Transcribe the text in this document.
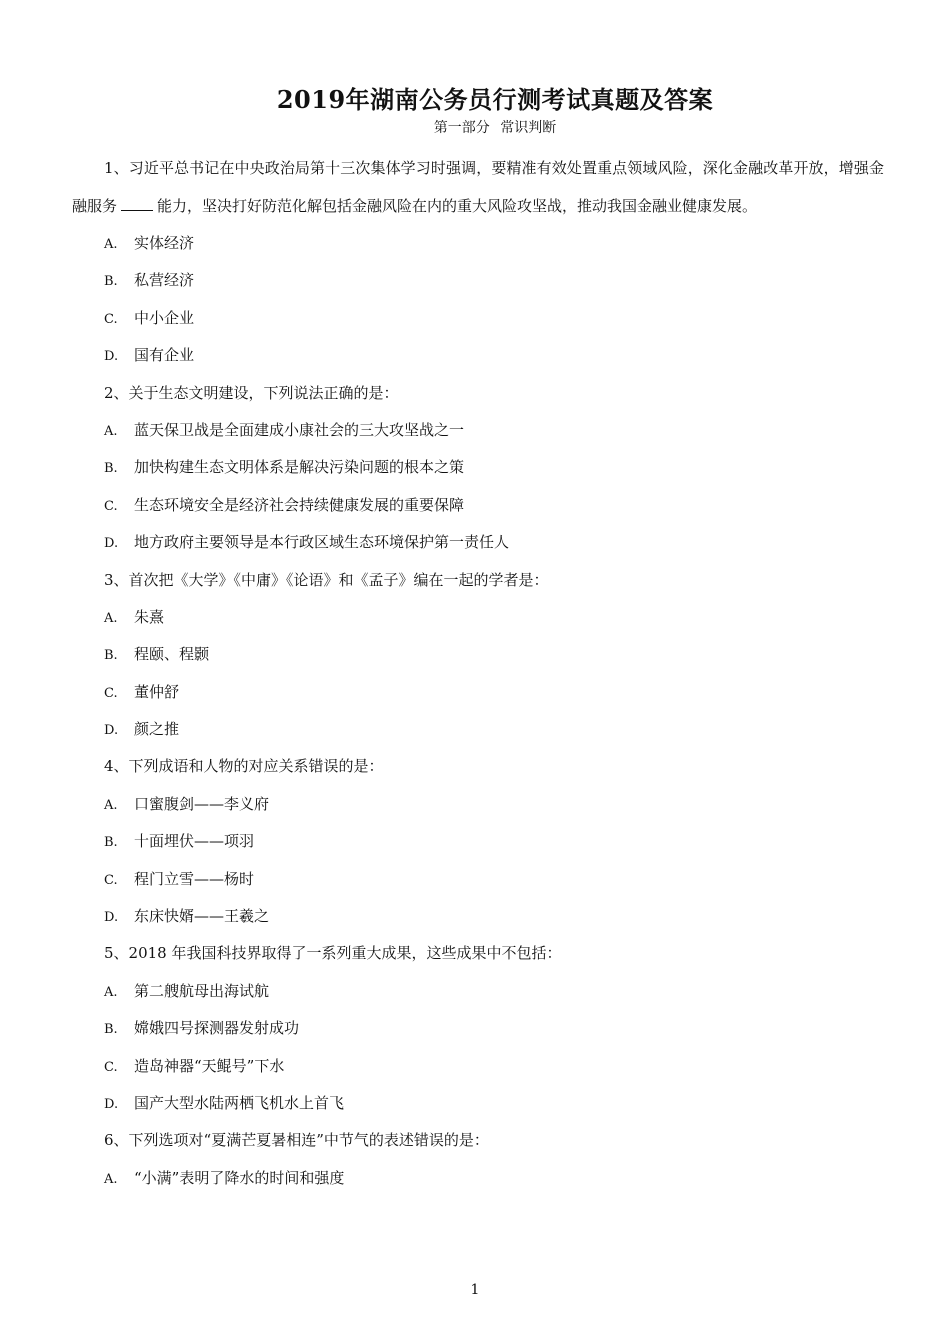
2019年湖南公务员行测考试真题及答案
第一部分 常识判断

1、习近平总书记在中央政治局第十三次集体学习时强调，要精准有效处置重点领域风险，深化金融改革开放，增强金融服务	能力，坚决打好防范化解包括金融风险在内的重大风险攻坚战，推动我国金融业健康发展。

A. 实体经济
B. 私营经济
C. 中小企业
D. 国有企业
2、关于生态文明建设，下列说法正确的是：
A. 蓝天保卫战是全面建成小康社会的三大攻坚战之一
B. 加快构建生态文明体系是解决污染问题的根本之策
C. 生态环境安全是经济社会持续健康发展的重要保障
D. 地方政府主要领导是本行政区域生态环境保护第一责任人
3、首次把《大学》《中庸》《论语》和《孟子》编在一起的学者是：
A. 朱熹
B. 程颐、程颢
C. 董仲舒
D. 颜之推
4、下列成语和人物的对应关系错误的是：
A. 口蜜腹剑——李义府
B. 十面埋伏——项羽
C. 程门立雪——杨时
D. 东床快婿——王羲之
5、2018 年我国科技界取得了一系列重大成果，这些成果中不包括：
A. 第二艘航母出海试航
B. 嫦娥四号探测器发射成功
C. 造岛神器“天鲲号”下水
D. 国产大型水陆两栖飞机水上首飞
6、下列选项对“夏满芒夏暑相连”中节气的表述错误的是：
A. “小满”表明了降水的时间和强度
1
